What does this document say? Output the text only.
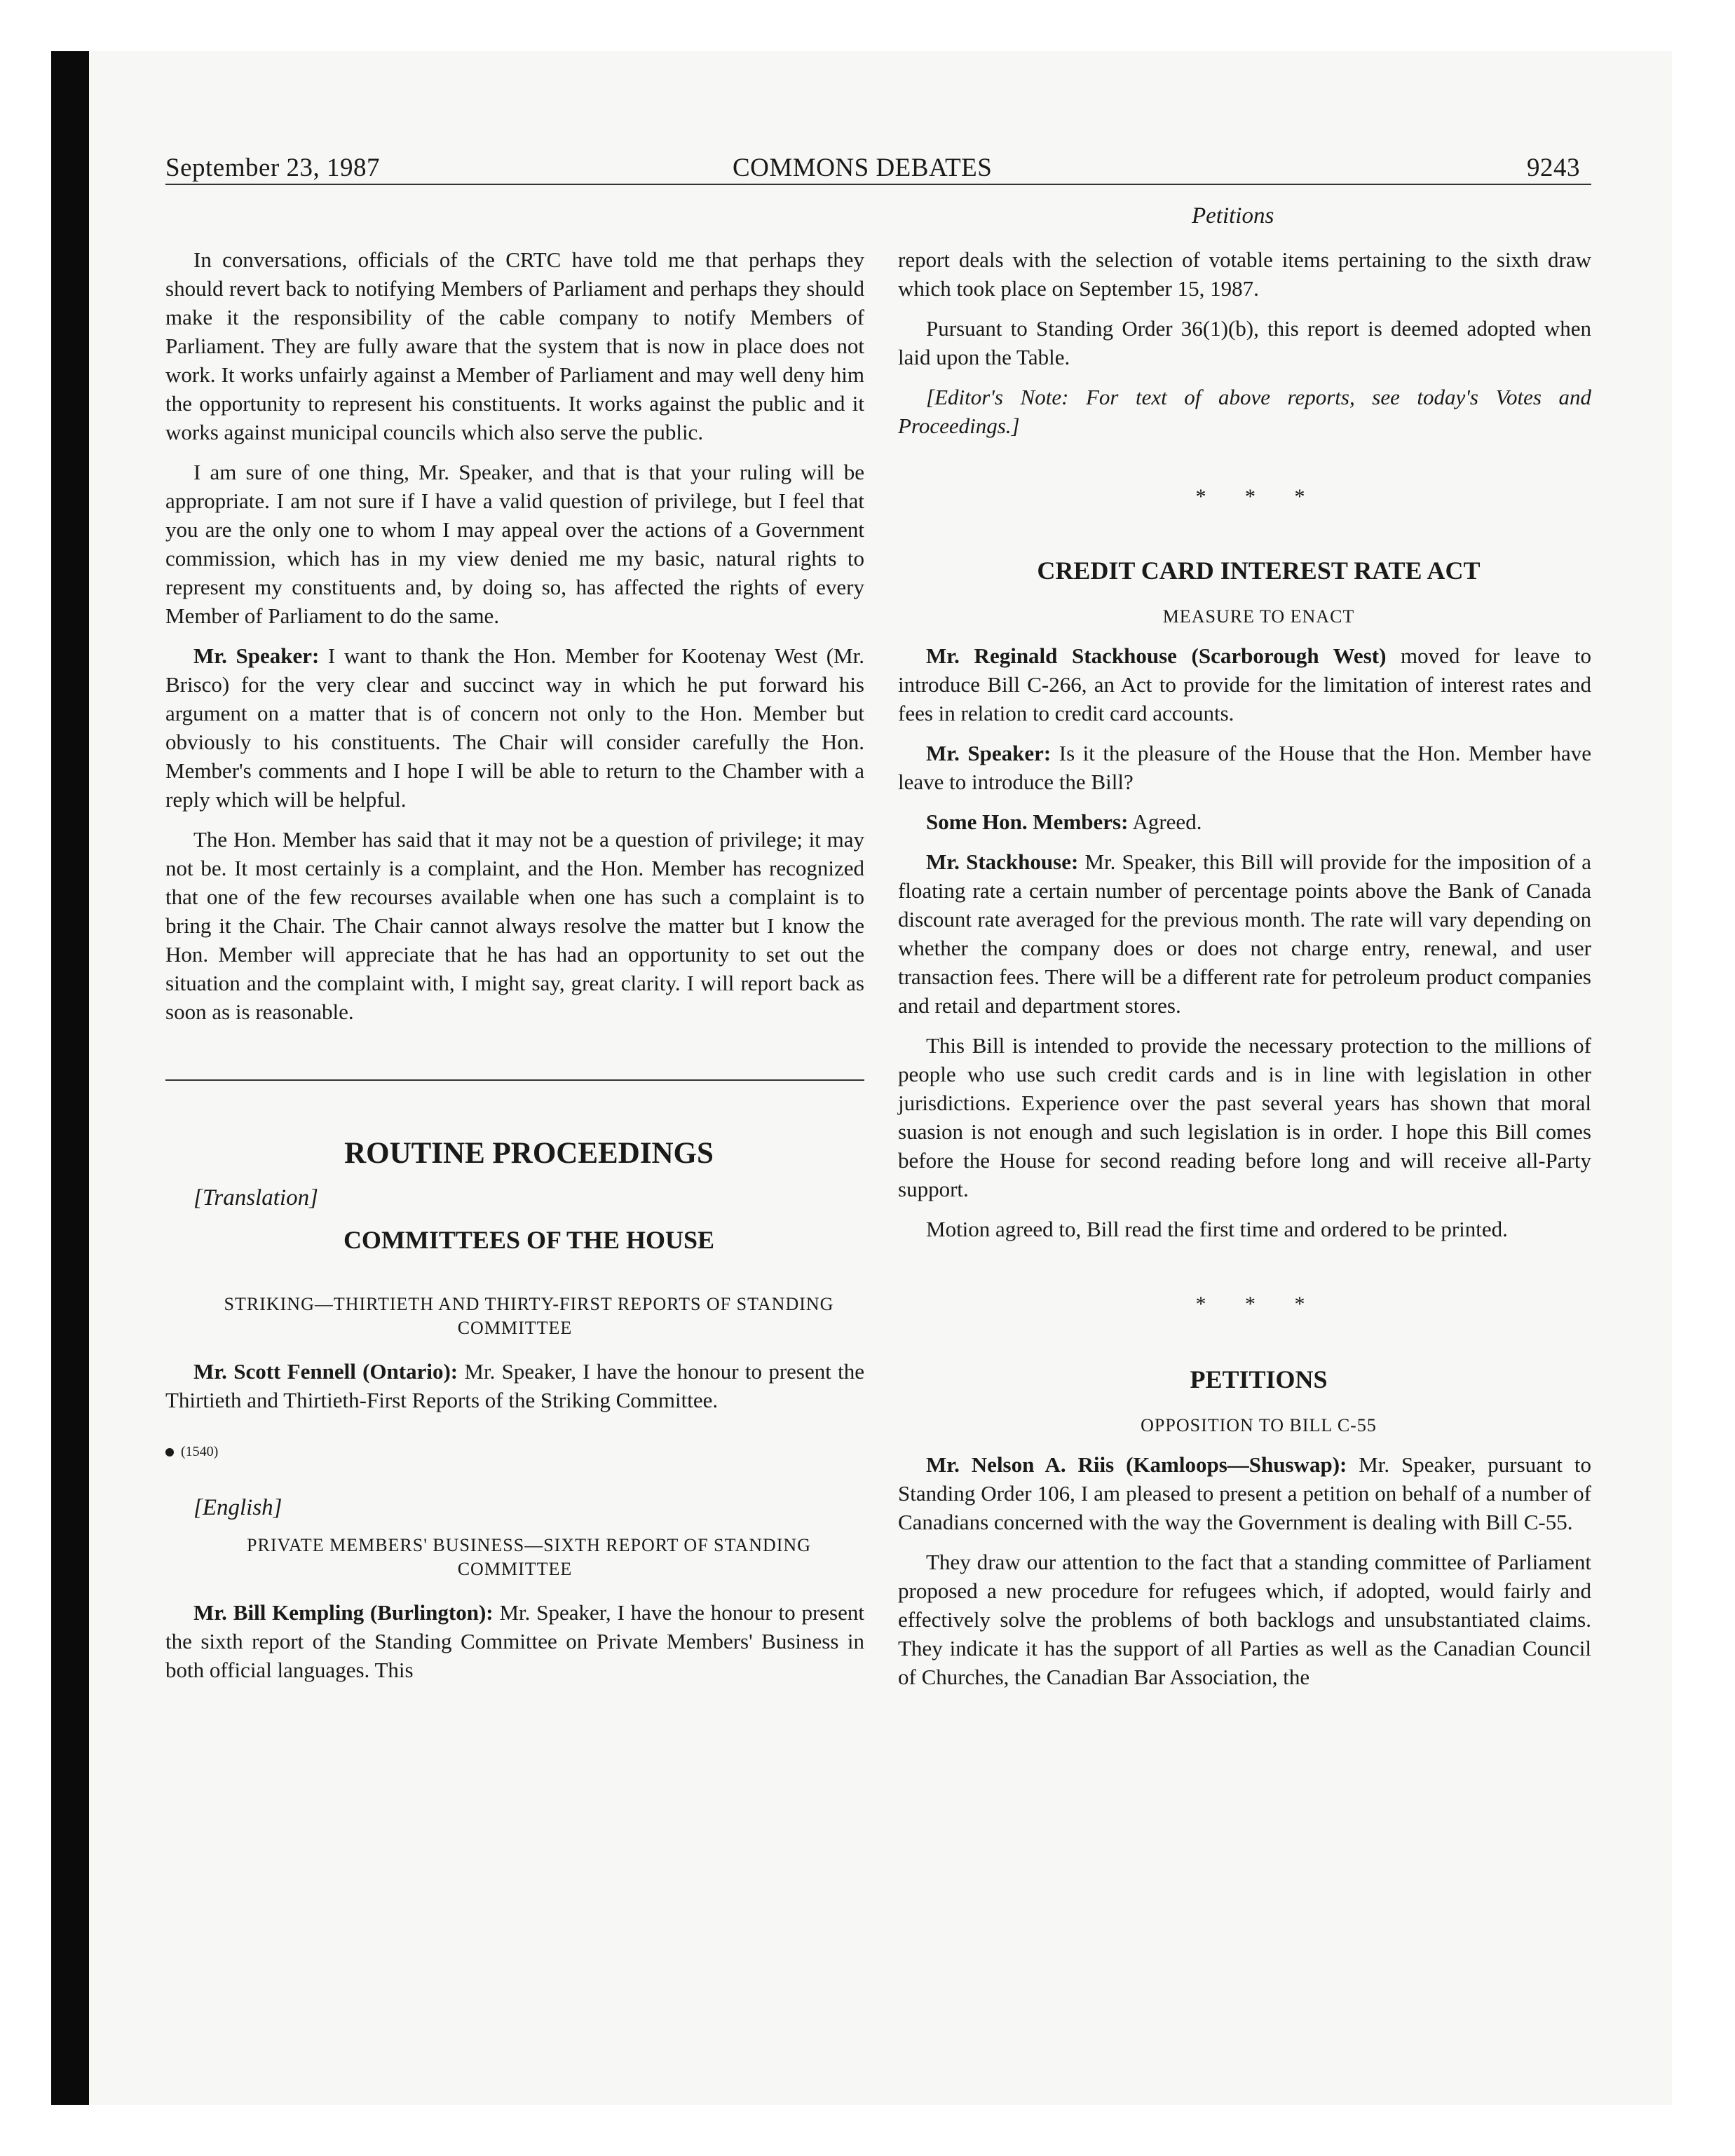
September 23, 1987	COMMONS DEBATES	9243
Petitions

In conversations, officials of the CRTC have told me that perhaps they should revert back to notifying Members of Parliament and perhaps they should make it the responsibility of the cable company to notify Members of Parliament. They are fully aware that the system that is now in place does not work. It works unfairly against a Member of Parliament and may well deny him the opportunity to represent his constituents. It works against the public and it works against municipal councils which also serve the public.

I am sure of one thing, Mr. Speaker, and that is that your ruling will be appropriate. I am not sure if I have a valid question of privilege, but I feel that you are the only one to whom I may appeal over the actions of a Government commission, which has in my view denied me my basic, natural rights to represent my constituents and, by doing so, has affected the rights of every Member of Parliament to do the same.

Mr. Speaker: I want to thank the Hon. Member for Kootenay West (Mr. Brisco) for the very clear and succinct way in which he put forward his argument on a matter that is of concern not only to the Hon. Member but obviously to his constituents. The Chair will consider carefully the Hon. Member's comments and I hope I will be able to return to the Chamber with a reply which will be helpful.

The Hon. Member has said that it may not be a question of privilege; it may not be. It most certainly is a complaint, and the Hon. Member has recognized that one of the few recourses available when one has such a complaint is to bring it the Chair. The Chair cannot always resolve the matter but I know the Hon. Member will appreciate that he has had an opportunity to set out the situation and the complaint with, I might say, great clarity. I will report back as soon as is reasonable.

ROUTINE PROCEEDINGS

[Translation]

COMMITTEES OF THE HOUSE

STRIKING—THIRTIETH AND THIRTY-FIRST REPORTS OF STANDING COMMITTEE

Mr. Scott Fennell (Ontario): Mr. Speaker, I have the honour to present the Thirtieth and Thirtieth-First Reports of the Striking Committee.

(1540)

[English]

PRIVATE MEMBERS' BUSINESS—SIXTH REPORT OF STANDING COMMITTEE

Mr. Bill Kempling (Burlington): Mr. Speaker, I have the honour to present the sixth report of the Standing Committee on Private Members' Business in both official languages. This

report deals with the selection of votable items pertaining to the sixth draw which took place on September 15, 1987.

Pursuant to Standing Order 36(1)(b), this report is deemed adopted when laid upon the Table.

[Editor's Note: For text of above reports, see today's Votes and Proceedings.]

* * *

CREDIT CARD INTEREST RATE ACT

MEASURE TO ENACT

Mr. Reginald Stackhouse (Scarborough West) moved for leave to introduce Bill C-266, an Act to provide for the limitation of interest rates and fees in relation to credit card accounts.

Mr. Speaker: Is it the pleasure of the House that the Hon. Member have leave to introduce the Bill?

Some Hon. Members: Agreed.

Mr. Stackhouse: Mr. Speaker, this Bill will provide for the imposition of a floating rate a certain number of percentage points above the Bank of Canada discount rate averaged for the previous month. The rate will vary depending on whether the company does or does not charge entry, renewal, and user transaction fees. There will be a different rate for petroleum product companies and retail and department stores.

This Bill is intended to provide the necessary protection to the millions of people who use such credit cards and is in line with legislation in other jurisdictions. Experience over the past several years has shown that moral suasion is not enough and such legislation is in order. I hope this Bill comes before the House for second reading before long and will receive all-Party support.

Motion agreed to, Bill read the first time and ordered to be printed.

* * *

PETITIONS

OPPOSITION TO BILL C-55

Mr. Nelson A. Riis (Kamloops—Shuswap): Mr. Speaker, pursuant to Standing Order 106, I am pleased to present a petition on behalf of a number of Canadians concerned with the way the Government is dealing with Bill C-55.

They draw our attention to the fact that a standing committee of Parliament proposed a new procedure for refugees which, if adopted, would fairly and effectively solve the problems of both backlogs and unsubstantiated claims. They indicate it has the support of all Parties as well as the Canadian Council of Churches, the Canadian Bar Association, the
